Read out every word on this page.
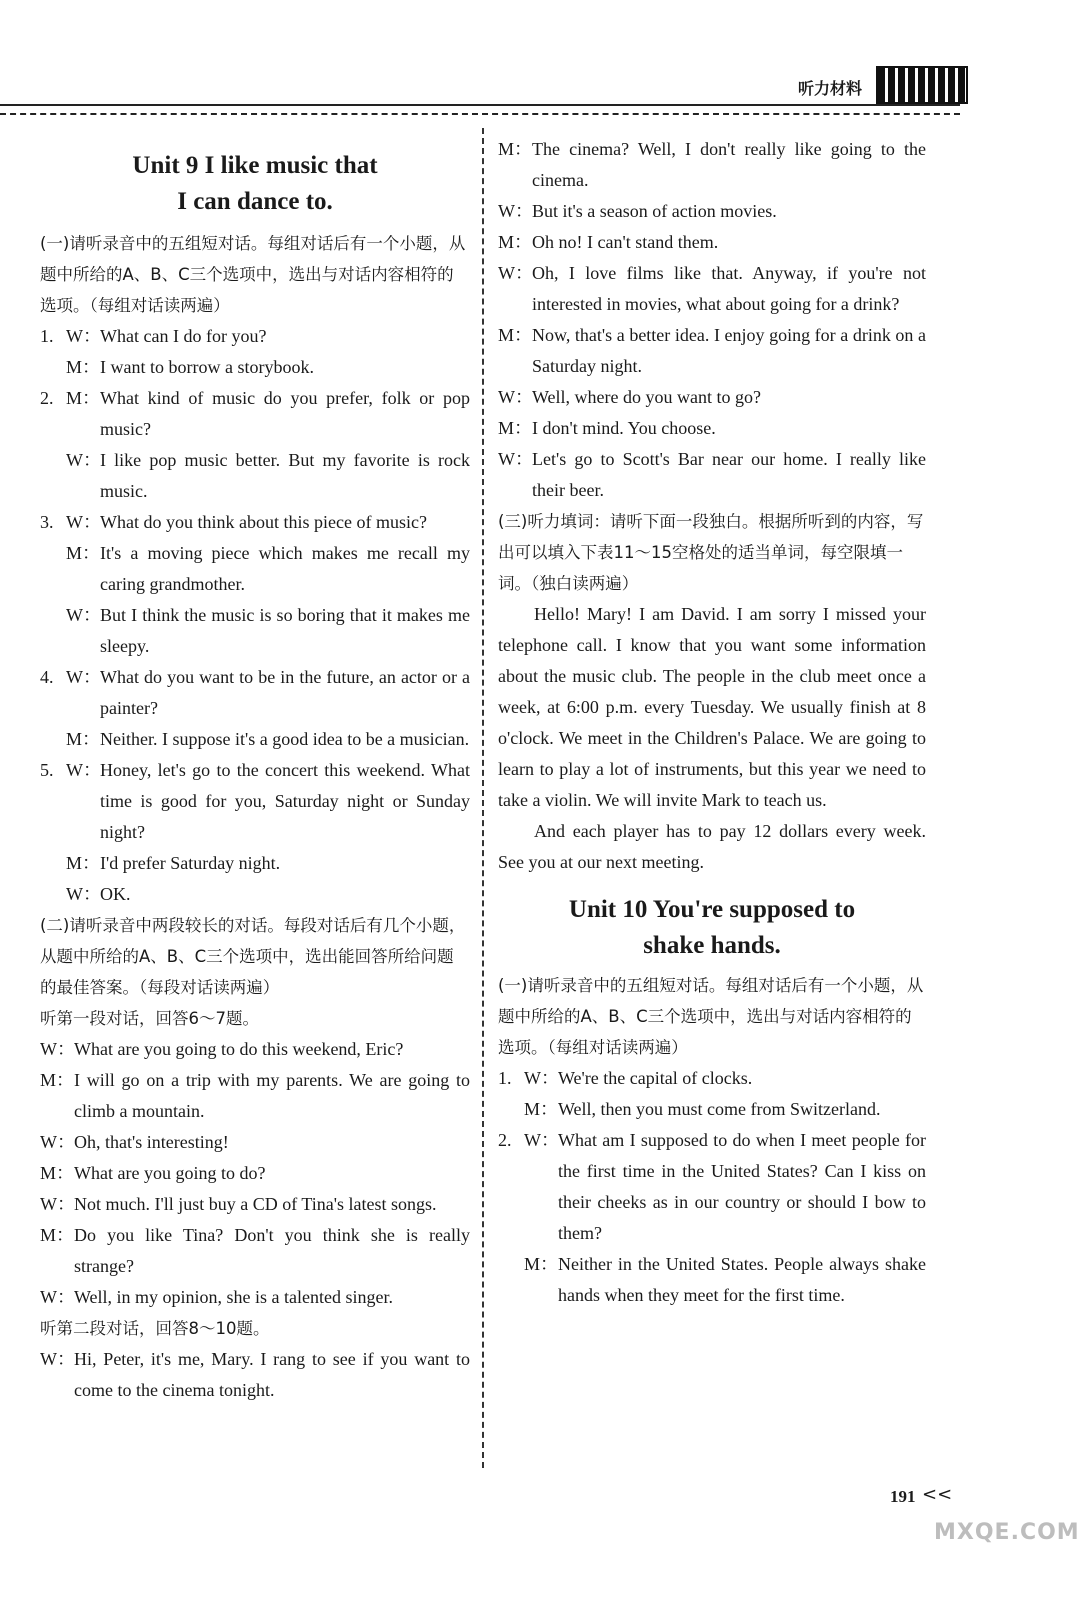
听力材料

Unit 9 I like music that

I can dance to.

(一)请听录音中的五组短对话。每组对话后有一个小题，从题中所给的A、B、C三个选项中，选出与对话内容相符的选项。（每组对话读两遍）
1. W： What can I do for you?
M： I want to borrow a storybook.
2. M： What kind of music do you prefer, folk or pop music?
W： I like pop music better. But my favorite is rock music.
3. W： What do you think about this piece of music?
M： It's a moving piece which makes me recall my caring grandmother.
W： But I think the music is so boring that it makes me sleepy.
4. W： What do you want to be in the future, an actor or a painter?
M： Neither. I suppose it's a good idea to be a musician.
5. W： Honey, let's go to the concert this weekend. What time is good for you, Saturday night or Sunday night?
M： I'd prefer Saturday night.
W： OK.
(二)请听录音中两段较长的对话。每段对话后有几个小题，从题中所给的A、B、C三个选项中，选出能回答所给问题的最佳答案。（每段对话读两遍）
听第一段对话，回答6～7题。
W： What are you going to do this weekend, Eric?
M： I will go on a trip with my parents. We are going to climb a mountain.
W： Oh, that's interesting!
M： What are you going to do?
W： Not much. I'll just buy a CD of Tina's latest songs.
M： Do you like Tina? Don't you think she is really strange?
W： Well, in my opinion, she is a talented singer.
听第二段对话，回答8～10题。
W： Hi, Peter, it's me, Mary. I rang to see if you want to come to the cinema tonight.
M： The cinema? Well, I don't really like going to the cinema.
W： But it's a season of action movies.
M： Oh no! I can't stand them.
W： Oh, I love films like that. Anyway, if you're not interested in movies, what about going for a drink?
M： Now, that's a better idea. I enjoy going for a drink on a Saturday night.
W： Well, where do you want to go?
M： I don't mind. You choose.
W： Let's go to Scott's Bar near our home. I really like their beer.
(三)听力填词：请听下面一段独白。根据所听到的内容，写出可以填入下表11～15空格处的适当单词，每空限填一词。（独白读两遍）
Hello! Mary! I am David. I am sorry I missed your telephone call. I know that you want some information about the music club. The people in the club meet once a week, at 6:00 p.m. every Tuesday. We usually finish at 8 o'clock. We meet in the Children's Palace. We are going to learn to play a lot of instruments, but this year we need to take a violin. We will invite Mark to teach us.
And each player has to pay 12 dollars every week. See you at our next meeting.

Unit 10 You're supposed to

shake hands.

(一)请听录音中的五组短对话。每组对话后有一个小题，从题中所给的A、B、C三个选项中，选出与对话内容相符的选项。（每组对话读两遍）
1. W： We're the capital of clocks.
M： Well, then you must come from Switzerland.
2. W： What am I supposed to do when I meet people for the first time in the United States? Can I kiss on their cheeks as in our country or should I bow to them?
M： Neither in the United States. People always shake hands when they meet for the first time.
191 <<
MXQE.COM
